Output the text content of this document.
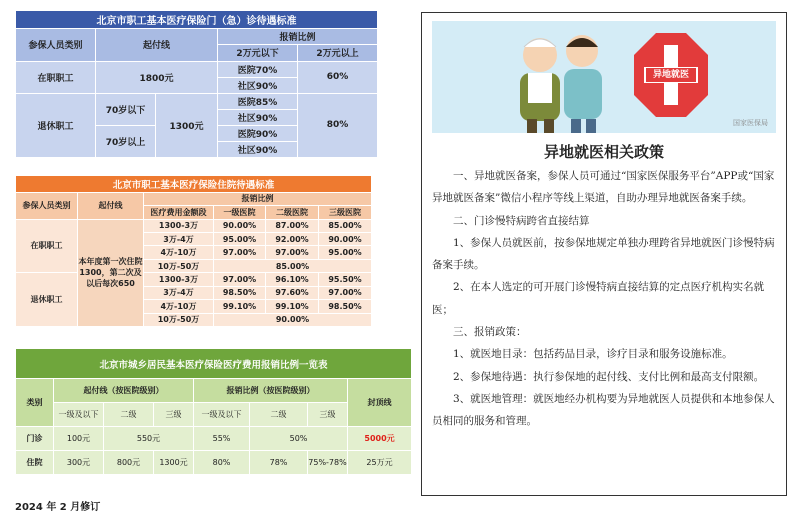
北京市职工基本医疗保险门（急）诊待遇标准				
参保人员类别	起付线		报销比例	
			2万元以下	2万元以上
在职职工	1800元		医院70%	60%
			社区90%	
退休职工	70岁以下	1300元	医院85%	80%
			社区90%	
	70岁以上		医院90%	
			社区90%	
北京市职工基本医疗保险住院待遇标准					
参保人员类别	起付线	报销比例			
		医疗费用金额段	一级医院	二级医院	三级医院
在职职工	本年度第一次住院1300，第二次及以后每次650	1300-3万	90.00%	87.00%	85.00%
		3万-4万	95.00%	92.00%	90.00%
		4万-10万	97.00%	97.00%	95.00%
		10万-50万	85.00%		
退休职工		1300-3万	97.00%	96.10%	95.50%
		3万-4万	98.50%	97.60%	97.00%
		4万-10万	99.10%	99.10%	98.50%
		10万-50万	90.00%		
北京市城乡居民基本医疗保险医疗费用报销比例一览表							
类别	起付线（按医院级别）			报销比例（按医院级别）			封顶线
	一级及以下	二级	三级	一级及以下	二级	三级	
门诊	100元	550元		55%	50%		5000元
住院	300元	800元	1300元	80%	78%	75%-78%	25万元
2024 年 2 月修订
异地就医
国家医保局
异地就医相关政策

一、异地就医备案，参保人员可通过“国家医保服务平台”APP或“国家异地就医备案”微信小程序等线上渠道，自助办理异地就医备案手续。

二、门诊慢特病跨省直接结算

1、参保人员就医前，按参保地规定单独办理跨省异地就医门诊慢特病备案手续。

2、在本人选定的可开展门诊慢特病直接结算的定点医疗机构实名就医；

三、报销政策：

1、就医地目录：包括药品目录，诊疗目录和服务设施标准。

2、参保地待遇：执行参保地的起付线、支付比例和最高支付限额。

3、就医地管理：就医地经办机构要为异地就医人员提供和本地参保人员相同的服务和管理。
